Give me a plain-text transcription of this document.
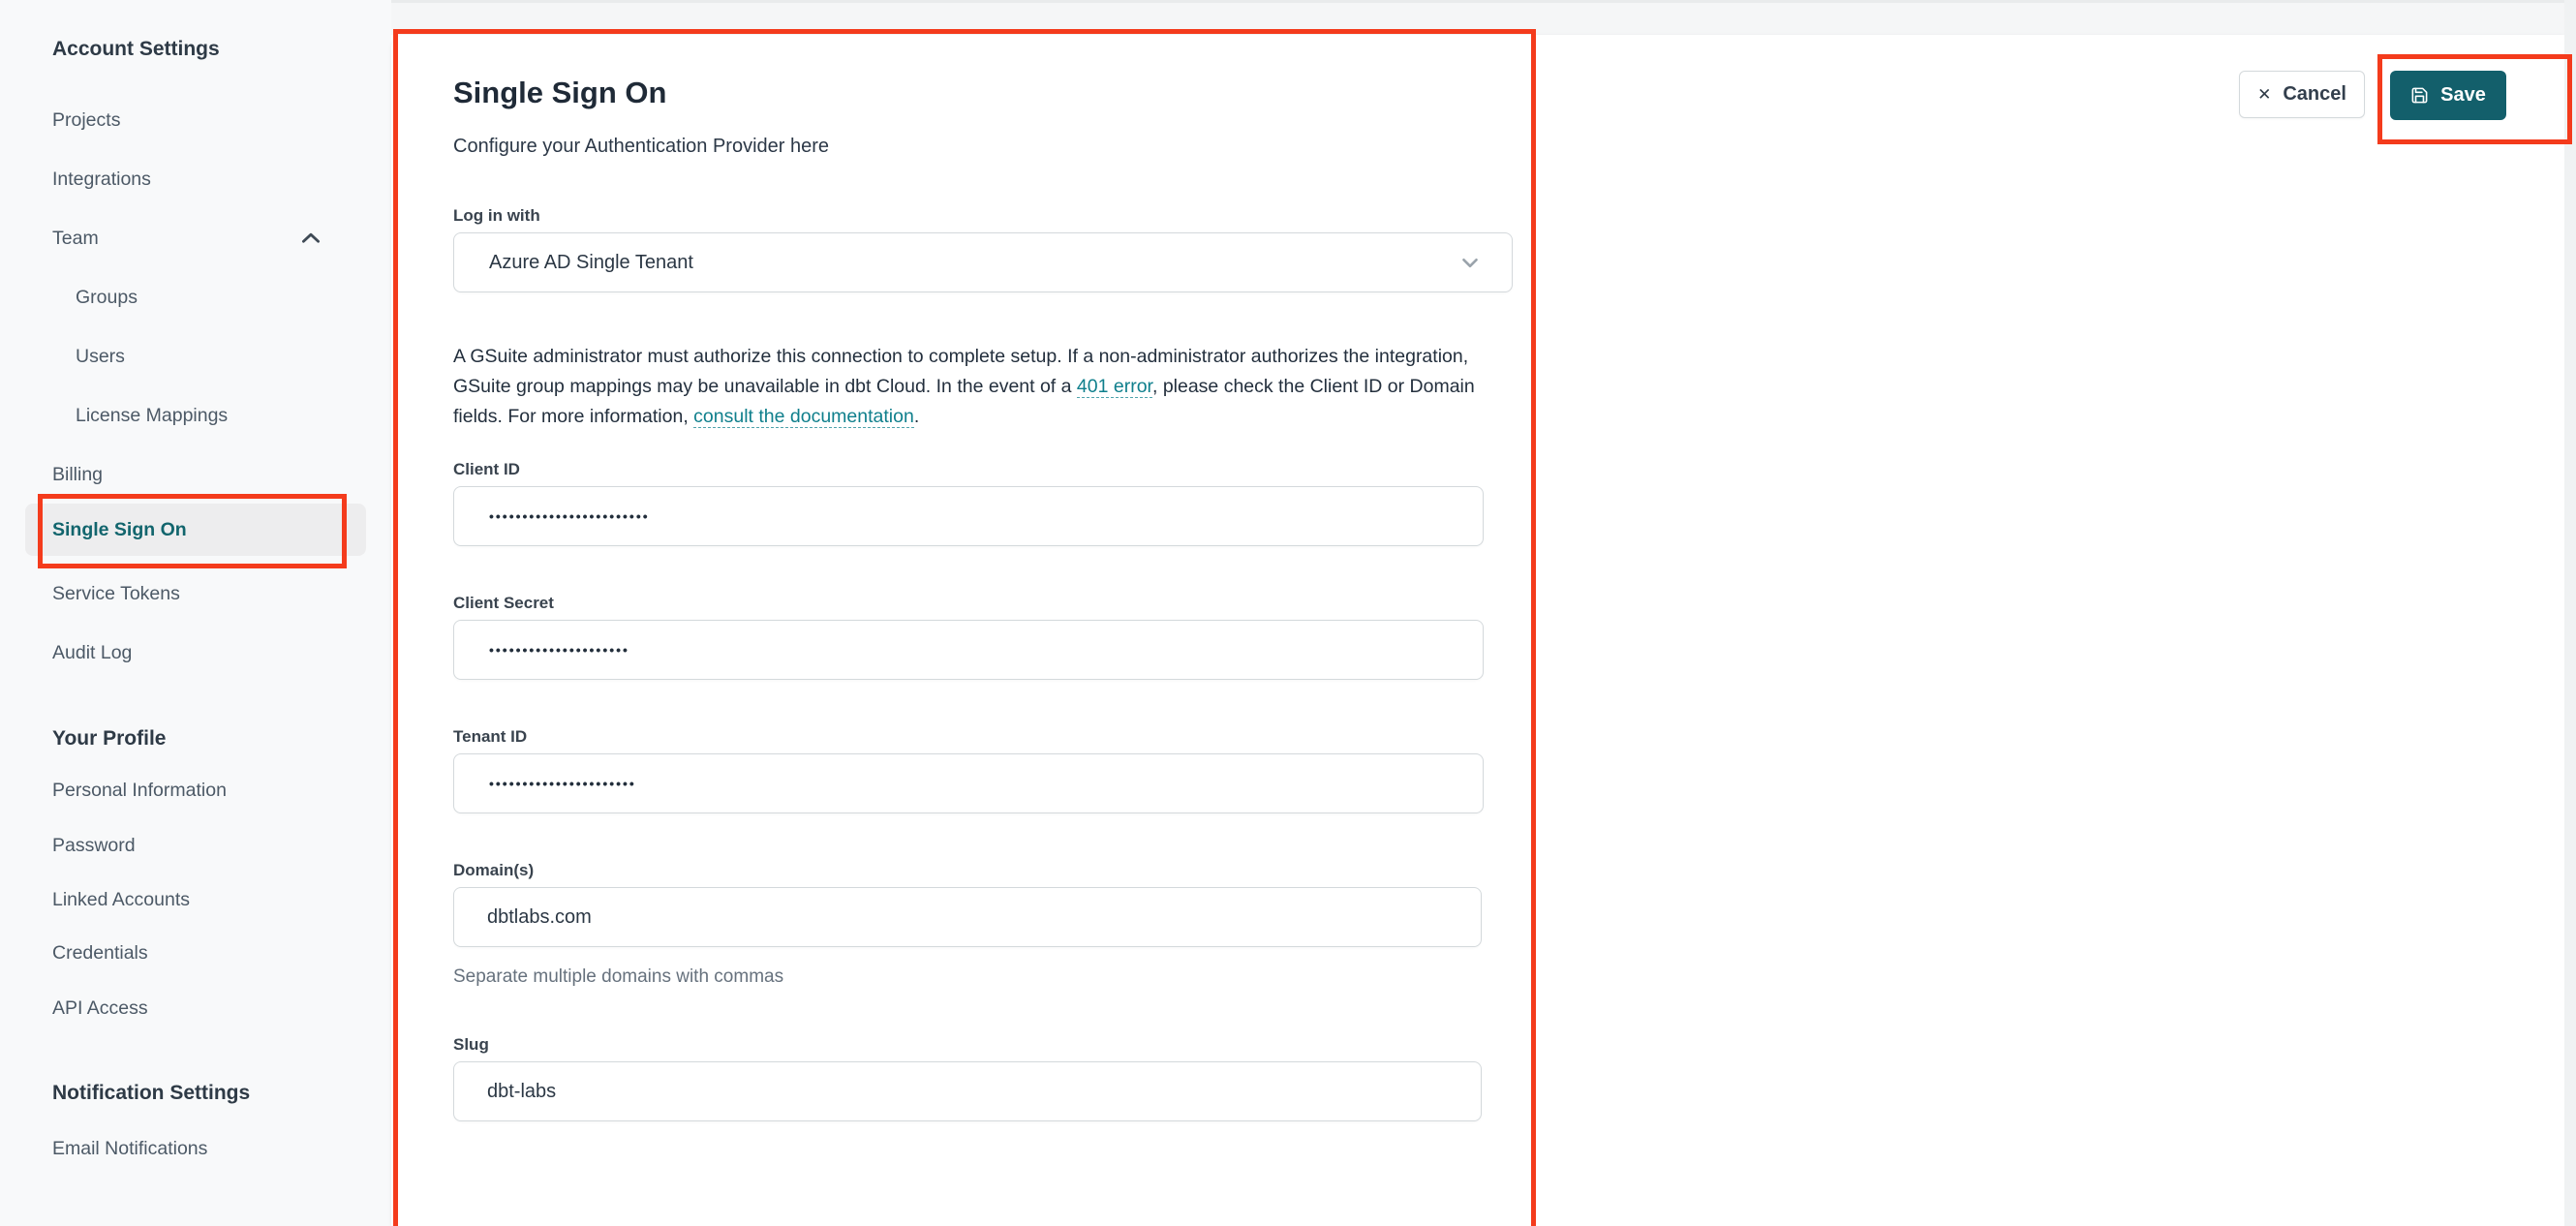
Account Settings
Projects
Integrations
Team
Groups
Users
License Mappings
Billing
Single Sign On
Service Tokens
Audit Log
Your Profile
Personal Information
Password
Linked Accounts
Credentials
API Access
Notification Settings
Email Notifications
Single Sign On
Configure your Authentication Provider here
Log in with
Azure AD Single Tenant

A GSuite administrator must authorize this connection to complete setup. If a non-administrator authorizes the integration, GSuite group mappings may be unavailable in dbt Cloud. In the event of a 401 error, please check the Client ID or Domain fields. For more information, consult the documentation.

Client ID
••••••••••••••••••••••••
Client Secret
•••••••••••••••••••••
Tenant ID
••••••••••••••••••••••
Domain(s)
dbtlabs.com
Separate multiple domains with commas
Slug
dbt-labs
✕ Cancel	Save
